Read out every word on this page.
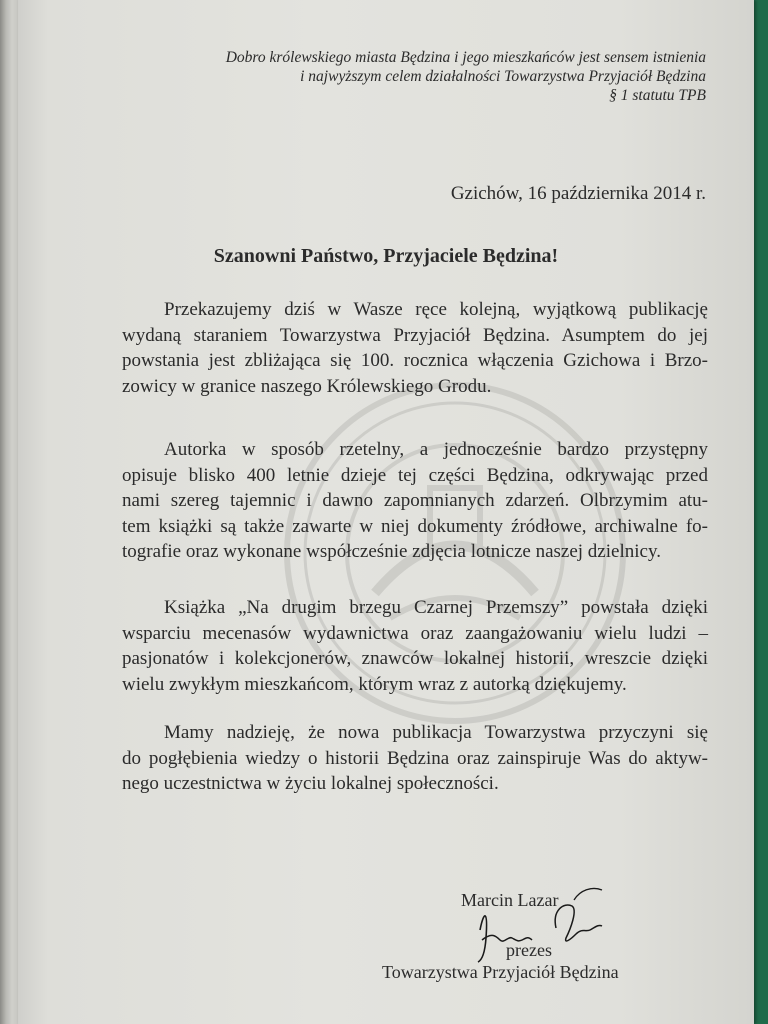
Dobro królewskiego miasta Będzina i jego mieszkańców jest sensem istnienia
i najwyższym celem działalności Towarzystwa Przyjaciół Będzina
§ 1 statutu TPB
Gzichów, 16 października 2014 r.
Szanowni Państwo, Przyjaciele Będzina!
Przekazujemy dziś w Wasze ręce kolejną, wyjątkową publikację
wydaną staraniem Towarzystwa Przyjaciół Będzina. Asumptem do jej
powstania jest zbliżająca się 100. rocznica włączenia Gzichowa i Brzo-
zowicy w granice naszego Królewskiego Grodu.
Autorka w sposób rzetelny, a jednocześnie bardzo przystępny
opisuje blisko 400 letnie dzieje tej części Będzina, odkrywając przed
nami szereg tajemnic i dawno zapomnianych zdarzeń. Olbrzymim atu-
tem książki są także zawarte w niej dokumenty źródłowe, archiwalne fo-
tografie oraz wykonane współcześnie zdjęcia lotnicze naszej dzielnicy.
Książka „Na drugim brzegu Czarnej Przemszy” powstała dzięki
wsparciu mecenasów wydawnictwa oraz zaangażowaniu wielu ludzi –
pasjonatów i kolekcjonerów, znawców lokalnej historii, wreszcie dzięki
wielu zwykłym mieszkańcom, którym wraz z autorką dziękujemy.
Mamy nadzieję, że nowa publikacja Towarzystwa przyczyni się
do pogłębienia wiedzy o historii Będzina oraz zainspiruje Was do aktyw-
nego uczestnictwa w życiu lokalnej społeczności.
Marcin Lazar
prezes
Towarzystwa Przyjaciół Będzina
